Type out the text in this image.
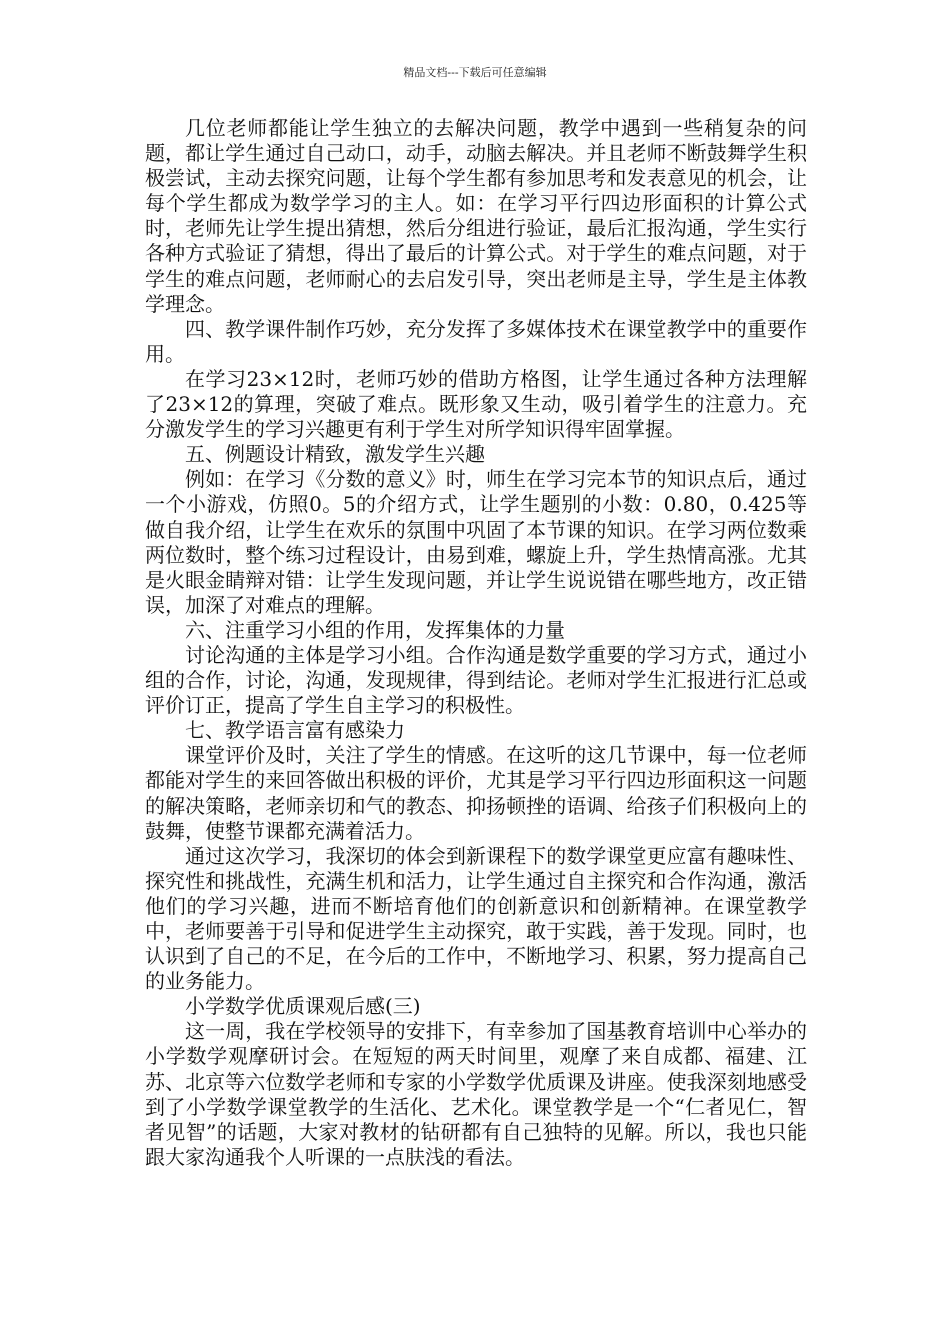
精品文档---下载后可任意编辑

几位老师都能让学生独立的去解决问题，教学中遇到一些稍复杂的问题，都让学生通过自己动口，动手，动脑去解决。并且老师不断鼓舞学生积极尝试，主动去探究问题，让每个学生都有参加思考和发表意见的机会，让每个学生都成为数学学习的主人。如：在学习平行四边形面积的计算公式时，老师先让学生提出猜想，然后分组进行验证，最后汇报沟通，学生实行各种方式验证了猜想，得出了最后的计算公式。对于学生的难点问题，对于学生的难点问题，老师耐心的去启发引导，突出老师是主导，学生是主体教学理念。

四、教学课件制作巧妙，充分发挥了多媒体技术在课堂教学中的重要作用。

在学习23×12时，老师巧妙的借助方格图，让学生通过各种方法理解了23×12的算理，突破了难点。既形象又生动，吸引着学生的注意力。充分激发学生的学习兴趣更有利于学生对所学知识得牢固掌握。

五、例题设计精致，激发学生兴趣

例如：在学习《分数的意义》时，师生在学习完本节的知识点后，通过一个小游戏，仿照0。5的介绍方式，让学生题别的小数：0.80，0.425等做自我介绍，让学生在欢乐的氛围中巩固了本节课的知识。在学习两位数乘两位数时，整个练习过程设计，由易到难，螺旋上升，学生热情高涨。尤其是火眼金睛辩对错：让学生发现问题，并让学生说说错在哪些地方，改正错误，加深了对难点的理解。

六、注重学习小组的作用，发挥集体的力量

讨论沟通的主体是学习小组。合作沟通是数学重要的学习方式，通过小组的合作，讨论，沟通，发现规律，得到结论。老师对学生汇报进行汇总或评价订正，提高了学生自主学习的积极性。

七、教学语言富有感染力

课堂评价及时，关注了学生的情感。在这听的这几节课中，每一位老师都能对学生的来回答做出积极的评价，尤其是学习平行四边形面积这一问题的解决策略，老师亲切和气的教态、抑扬顿挫的语调、给孩子们积极向上的鼓舞，使整节课都充满着活力。

通过这次学习，我深切的体会到新课程下的数学课堂更应富有趣味性、探究性和挑战性，充满生机和活力，让学生通过自主探究和合作沟通，激活他们的学习兴趣，进而不断培育他们的创新意识和创新精神。在课堂教学中，老师要善于引导和促进学生主动探究，敢于实践，善于发现。同时，也认识到了自己的不足，在今后的工作中，不断地学习、积累，努力提高自己的业务能力。

小学数学优质课观后感(三)

这一周，我在学校领导的安排下，有幸参加了国基教育培训中心举办的小学数学观摩研讨会。在短短的两天时间里，观摩了来自成都、福建、江苏、北京等六位数学老师和专家的小学数学优质课及讲座。使我深刻地感受到了小学数学课堂教学的生活化、艺术化。课堂教学是一个“仁者见仁，智者见智”的话题，大家对教材的钻研都有自己独特的见解。所以，我也只能跟大家沟通我个人听课的一点肤浅的看法。
